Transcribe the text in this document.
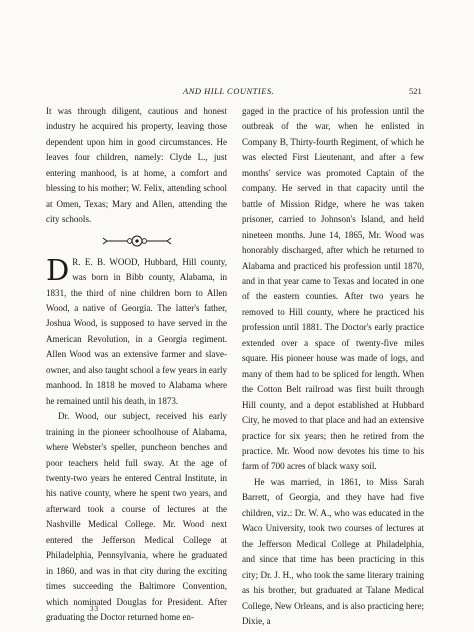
AND HILL COUNTIES.	521

It was through diligent, cautious and honest industry he acquired his property, leaving those dependent upon him in good circumstances. He leaves four children, namely: Clyde L., just entering manhood, is at home, a comfort and blessing to his mother; W. Felix, attending school at Omen, Texas; Mary and Allen, attending the city schools.

D R. E. B. WOOD, Hubbard, Hill county, was born in Bibb county, Alabama, in 1831, the third of nine children born to Allen Wood, a native of Georgia. The latter's father, Joshua Wood, is supposed to have served in the American Revolution, in a Georgia regiment. Allen Wood was an extensive farmer and slave-owner, and also taught school a few years in early manhood. In 1818 he moved to Alabama where he remained until his death, in 1873.

Dr. Wood, our subject, received his early training in the pioneer schoolhouse of Alabama, where Webster's speller, puncheon benches and poor teachers held full sway. At the age of twenty-two years he entered Central Institute, in his native county, where he spent two years, and afterward took a course of lectures at the Nashville Medical College. Mr. Wood next entered the Jefferson Medical College at Philadelphia, Pennsylvania, where he graduated in 1860, and was in that city during the exciting times succeeding the Baltimore Convention, which nominated Douglas for President. After graduating the Doctor returned home en-

gaged in the practice of his profession until the outbreak of the war, when he enlisted in Company B, Thirty-fourth Regiment, of which he was elected First Lieutenant, and after a few months' service was promoted Captain of the company. He served in that capacity until the battle of Mission Ridge, where he was taken prisoner, carried to Johnson's Island, and held nineteen months. June 14, 1865, Mr. Wood was honorably discharged, after which he returned to Alabama and practiced his profession until 1870, and in that year came to Texas and located in one of the eastern counties. After two years he removed to Hill county, where he practiced his profession until 1881. The Doctor's early practice extended over a space of twenty-five miles square. His pioneer house was made of logs, and many of them had to be spliced for length. When the Cotton Belt railroad was first built through Hill county, and a depot established at Hubbard City, he moved to that place and had an extensive practice for six years; then he retired from the practice. Mr. Wood now devotes his time to his farm of 700 acres of black waxy soil.

He was married, in 1861, to Miss Sarah Barrett, of Georgia, and they have had five children, viz.: Dr. W. A., who was educated in the Waco University, took two courses of lectures at the Jefferson Medical College at Philadelphia, and since that time has been practicing in this city; Dr. J. H., who took the same literary training as his brother, but graduated at Talane Medical College, New Orleans, and is also practicing here; Dixie, a

33
